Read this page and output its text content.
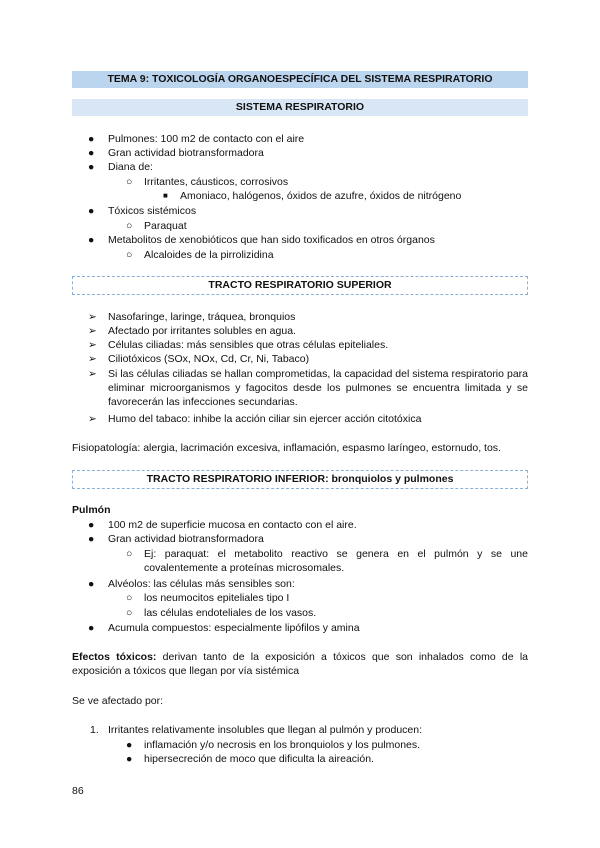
TEMA 9: TOXICOLOGÍA ORGANOESPECÍFICA DEL SISTEMA RESPIRATORIO
SISTEMA RESPIRATORIO
● Pulmones: 100 m2 de contacto con el aire
● Gran actividad biotransformadora
● Diana de:
○ Irritantes, cáusticos, corrosivos
■ Amoniaco, halógenos, óxidos de azufre, óxidos de nitrógeno
● Tóxicos sistémicos
○ Paraquat
● Metabolitos de xenobióticos que han sido toxificados en otros órganos
○ Alcaloides de la pirrolizidina
TRACTO RESPIRATORIO SUPERIOR
➢ Nasofaringe, laringe, tráquea, bronquios
➢ Afectado por irritantes solubles en agua.
➢ Células ciliadas: más sensibles que otras células epiteliales.
➢ Ciliotóxicos (SOx, NOx, Cd, Cr, Ni, Tabaco)
➢ Si las células ciliadas se hallan comprometidas, la capacidad del sistema respiratorio para eliminar microorganismos y fagocitos desde los pulmones se encuentra limitada y se favorecerán las infecciones secundarias.
➢ Humo del tabaco: inhibe la acción ciliar sin ejercer acción citotóxica
Fisiopatología: alergia, lacrimación excesiva, inflamación, espasmo laríngeo, estornudo, tos.
TRACTO RESPIRATORIO INFERIOR: bronquiolos y pulmones
Pulmón
● 100 m2 de superficie mucosa en contacto con el aire.
● Gran actividad biotransformadora
○ Ej: paraquat: el metabolito reactivo se genera en el pulmón y se une covalentemente a proteínas microsomales.
● Alvéolos: las células más sensibles son:
○ los neumocitos epiteliales tipo I
○ las células endoteliales de los vasos.
● Acumula compuestos: especialmente lipófilos y amina
Efectos tóxicos: derivan tanto de la exposición a tóxicos que son inhalados como de la exposición a tóxicos que llegan por vía sistémica
Se ve afectado por:
1. Irritantes relativamente insolubles que llegan al pulmón y producen:
● inflamación y/o necrosis en los bronquiolos y los pulmones.
● hipersecreción de moco que dificulta la aireación.
86
